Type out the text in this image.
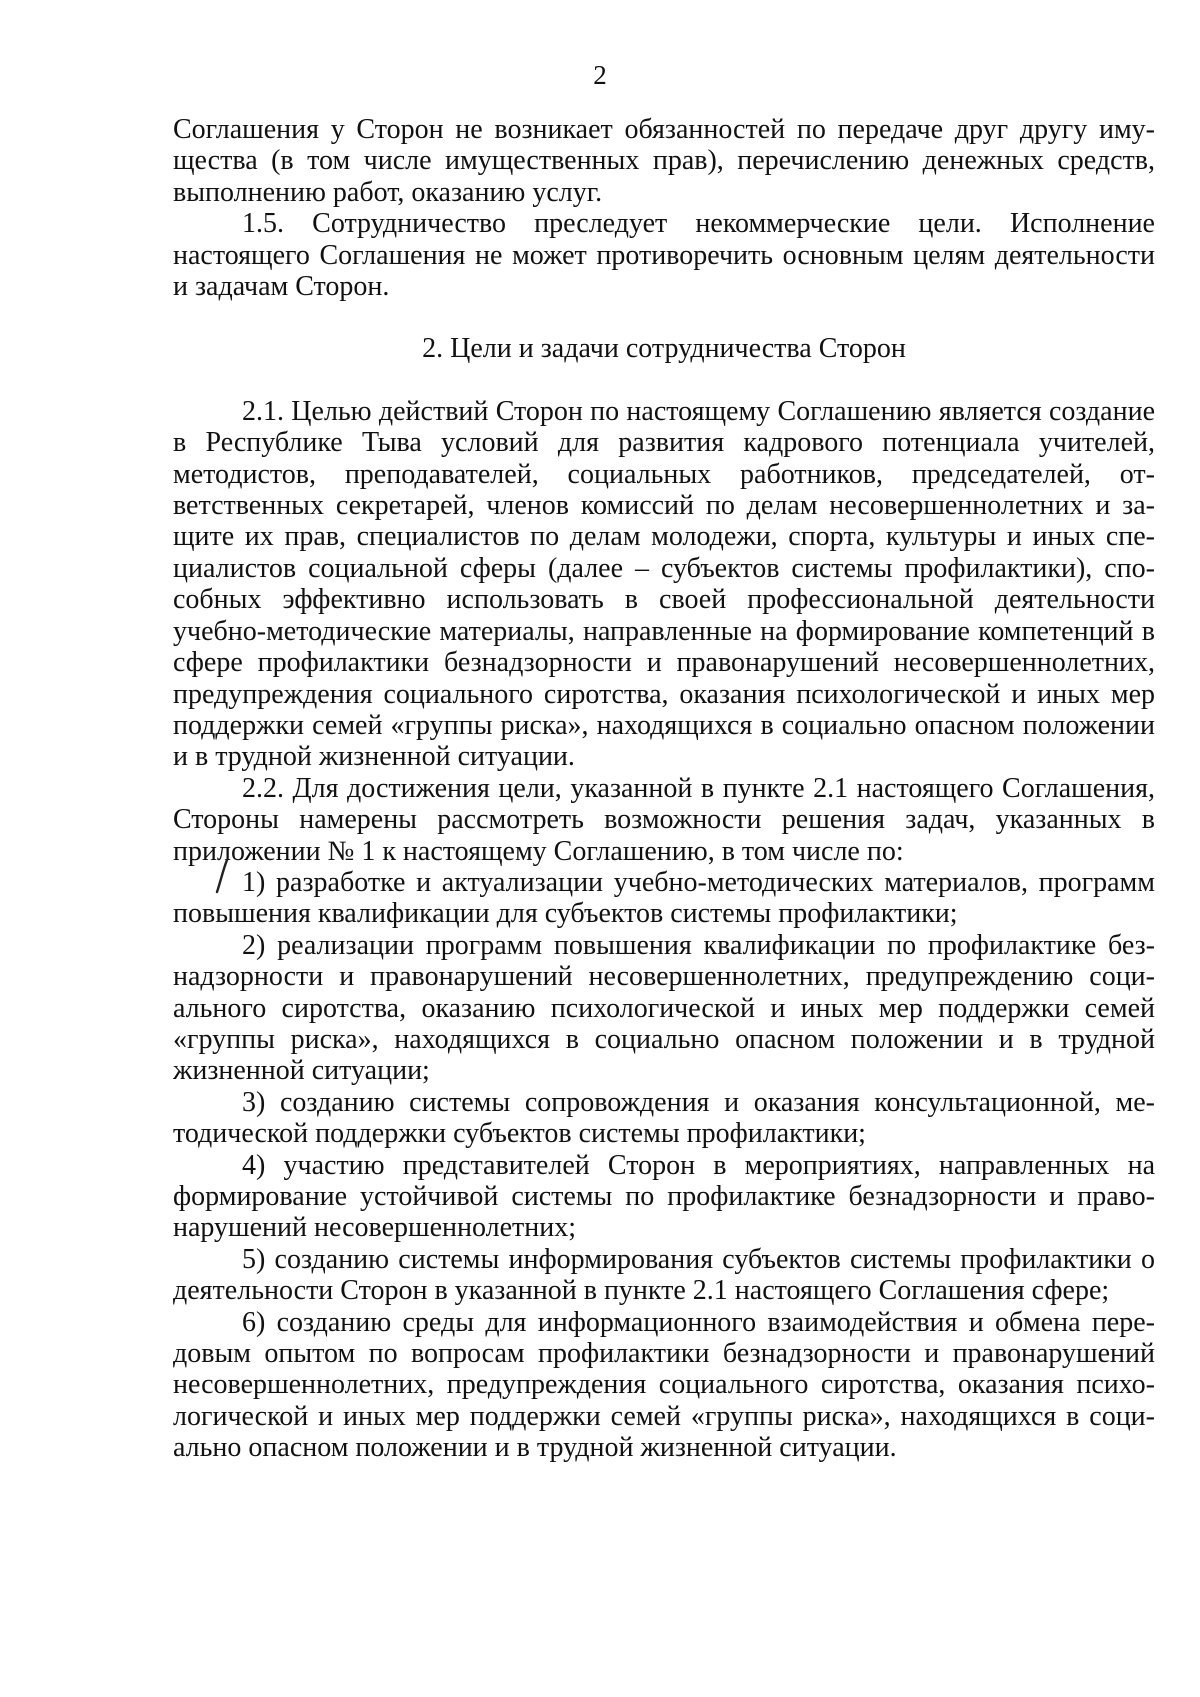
2

Соглашения у Сторон не возникает обязанностей по передаче друг другу имущества (в том числе имущественных прав), перечислению денежных средств, выполнению работ, оказанию услуг.

1.5. Сотрудничество преследует некоммерческие цели. Исполнение настоящего Соглашения не может противоречить основным целям деятельности и задачам Сторон.

2. Цели и задачи сотрудничества Сторон

2.1. Целью действий Сторон по настоящему Соглашению является создание в Республике Тыва условий для развития кадрового потенциала учителей, методистов, преподавателей, социальных работников, председателей, ответственных секретарей, членов комиссий по делам несовершеннолетних и защите их прав, специалистов по делам молодежи, спорта, культуры и иных специалистов социальной сферы (далее – субъектов системы профилактики), способных эффективно использовать в своей профессиональной деятельности учебно-методические материалы, направленные на формирование компетенций в сфере профилактики безнадзорности и правонарушений несовершеннолетних, предупреждения социального сиротства, оказания психологической и иных мер поддержки семей «группы риска», находящихся в социально опасном положении и в трудной жизненной ситуации.

2.2. Для достижения цели, указанной в пункте 2.1 настоящего Соглашения, Стороны намерены рассмотреть возможности решения задач, указанных в приложении № 1 к настоящему Соглашению, в том числе по:

1) разработке и актуализации учебно-методических материалов, программ повышения квалификации для субъектов системы профилактики;

2) реализации программ повышения квалификации по профилактике безнадзорности и правонарушений несовершеннолетних, предупреждению социального сиротства, оказанию психологической и иных мер поддержки семей «группы риска», находящихся в социально опасном положении и в трудной жизненной ситуации;

3) созданию системы сопровождения и оказания консультационной, методической поддержки субъектов системы профилактики;

4) участию представителей Сторон в мероприятиях, направленных на формирование устойчивой системы по профилактике безнадзорности и правонарушений несовершеннолетних;

5) созданию системы информирования субъектов системы профилактики о деятельности Сторон в указанной в пункте 2.1 настоящего Соглашения сфере;

6) созданию среды для информационного взаимодействия и обмена передовым опытом по вопросам профилактики безнадзорности и правонарушений несовершеннолетних, предупреждения социального сиротства, оказания психологической и иных мер поддержки семей «группы риска», находящихся в социально опасном положении и в трудной жизненной ситуации.
